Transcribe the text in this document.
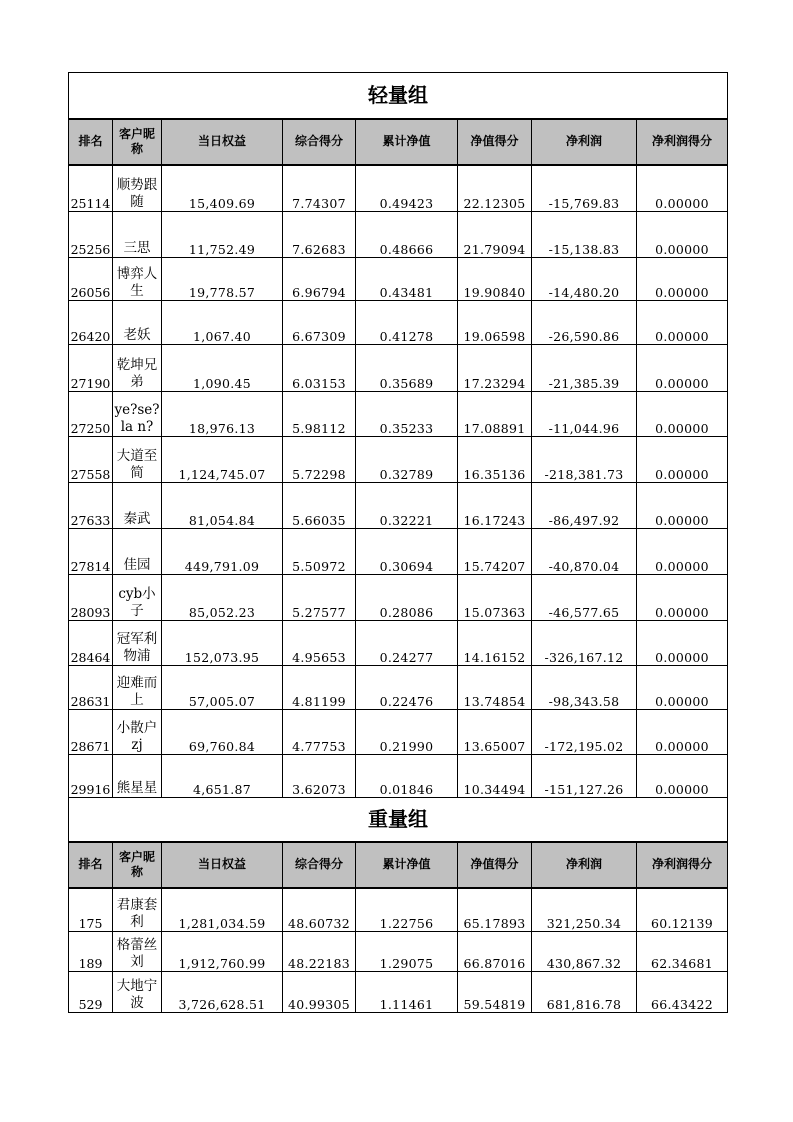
轻量组							
排名	客户昵称	当日权益	综合得分	累计净值	净值得分	净利润	净利润得分
25114	顺势跟随	15,409.69	7.74307	0.49423	22.12305	-15,769.83	0.00000
25256	三思	11,752.49	7.62683	0.48666	21.79094	-15,138.83	0.00000
26056	博弈人生	19,778.57	6.96794	0.43481	19.90840	-14,480.20	0.00000
26420	老妖	1,067.40	6.67309	0.41278	19.06598	-26,590.86	0.00000
27190	乾坤兄弟	1,090.45	6.03153	0.35689	17.23294	-21,385.39	0.00000
27250	ye?se?la n?	18,976.13	5.98112	0.35233	17.08891	-11,044.96	0.00000
27558	大道至简	1,124,745.07	5.72298	0.32789	16.35136	-218,381.73	0.00000
27633	秦武	81,054.84	5.66035	0.32221	16.17243	-86,497.92	0.00000
27814	佳园	449,791.09	5.50972	0.30694	15.74207	-40,870.04	0.00000
28093	cyb小子	85,052.23	5.27577	0.28086	15.07363	-46,577.65	0.00000
28464	冠军利物浦	152,073.95	4.95653	0.24277	14.16152	-326,167.12	0.00000
28631	迎难而上	57,005.07	4.81199	0.22476	13.74854	-98,343.58	0.00000
28671	小散户zj	69,760.84	4.77753	0.21990	13.65007	-172,195.02	0.00000
29916	熊星星	4,651.87	3.62073	0.01846	10.34494	-151,127.26	0.00000
重量组							
排名	客户昵称	当日权益	综合得分	累计净值	净值得分	净利润	净利润得分
175	君康套利	1,281,034.59	48.60732	1.22756	65.17893	321,250.34	60.12139
189	格蕾丝刘	1,912,760.99	48.22183	1.29075	66.87016	430,867.32	62.34681
529	大地宁波	3,726,628.51	40.99305	1.11461	59.54819	681,816.78	66.43422
